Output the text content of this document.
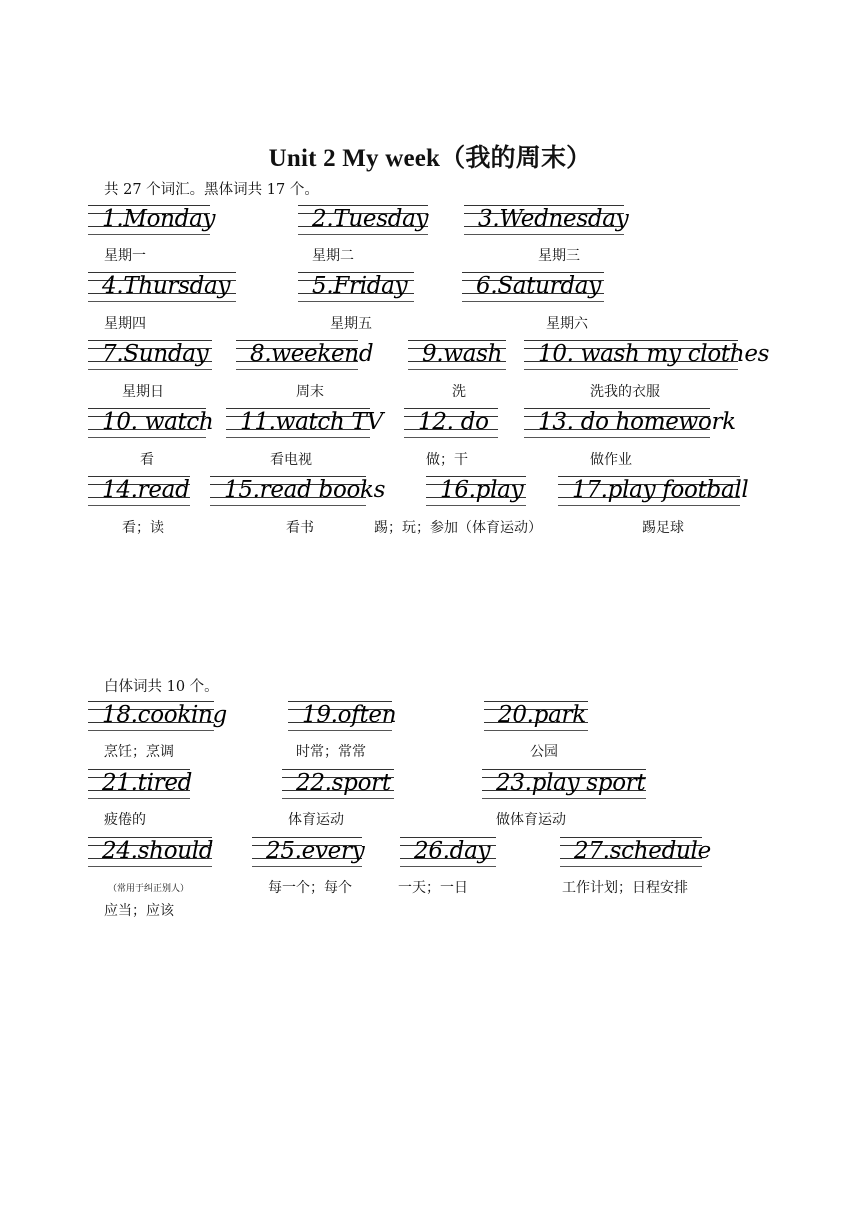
Unit 2 My week（我的周末）
共 27 个词汇。黑体词共 17 个。
1.Monday	2.Tuesday 3.Wednesday
星期一	星期二	星期三
4.Thursday	5.Friday	6.Saturday
星期四	星期五	星期六
7.Sunday 8.weekend 9.wash 10. wash my clothes
星期日	周末	洗	洗我的衣服
10. watch 11.watch TV 12. do 13. do homework
看	看电视	做；干	做作业
14.read 15.read books 16.play 17.play football
看；读	看书	踢；玩；参加（体育运动）	踢足球
白体词共 10 个。
18.cooking	19.often	20.park
烹饪；烹调	时常；常常	公园
21.tired	22.sport	23.play sport
疲倦的	体育运动	做体育运动
24.should 25.every 26.day	27.schedule
（常用于纠正别人）	每一个；每个	一天；一日	工作计划；日程安排
应当；应该
